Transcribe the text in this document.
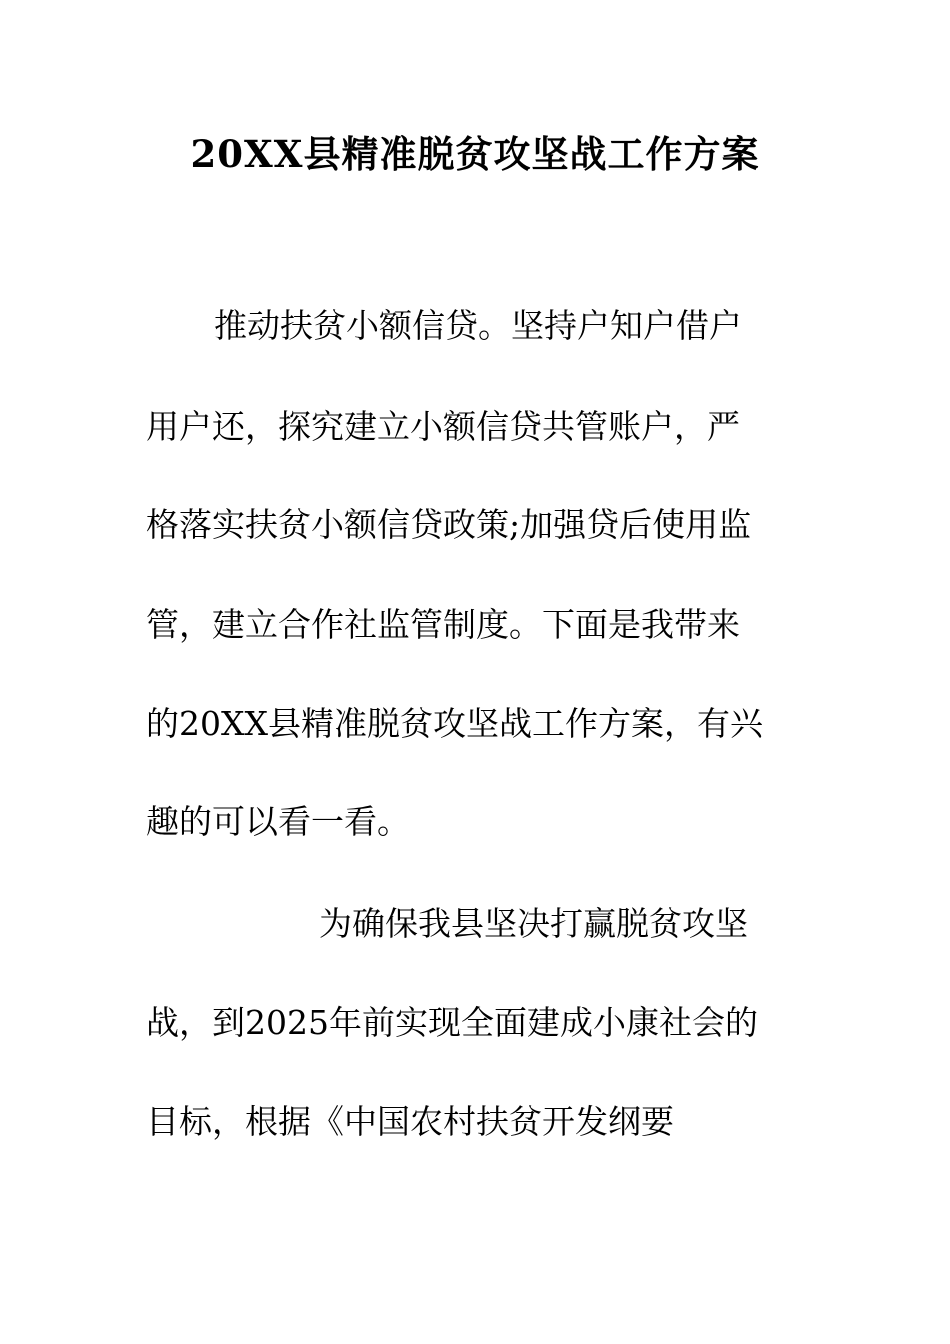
20XX县精准脱贫攻坚战工作方案
推动扶贫小额信贷。坚持户知户借户
用户还，探究建立小额信贷共管账户，严
格落实扶贫小额信贷政策;加强贷后使用监
管，建立合作社监管制度。下面是我带来
的20XX县精准脱贫攻坚战工作方案，有兴
趣的可以看一看。
为确保我县坚决打赢脱贫攻坚
战，到2025年前实现全面建成小康社会的
目标，根据《中国农村扶贫开发纲要
